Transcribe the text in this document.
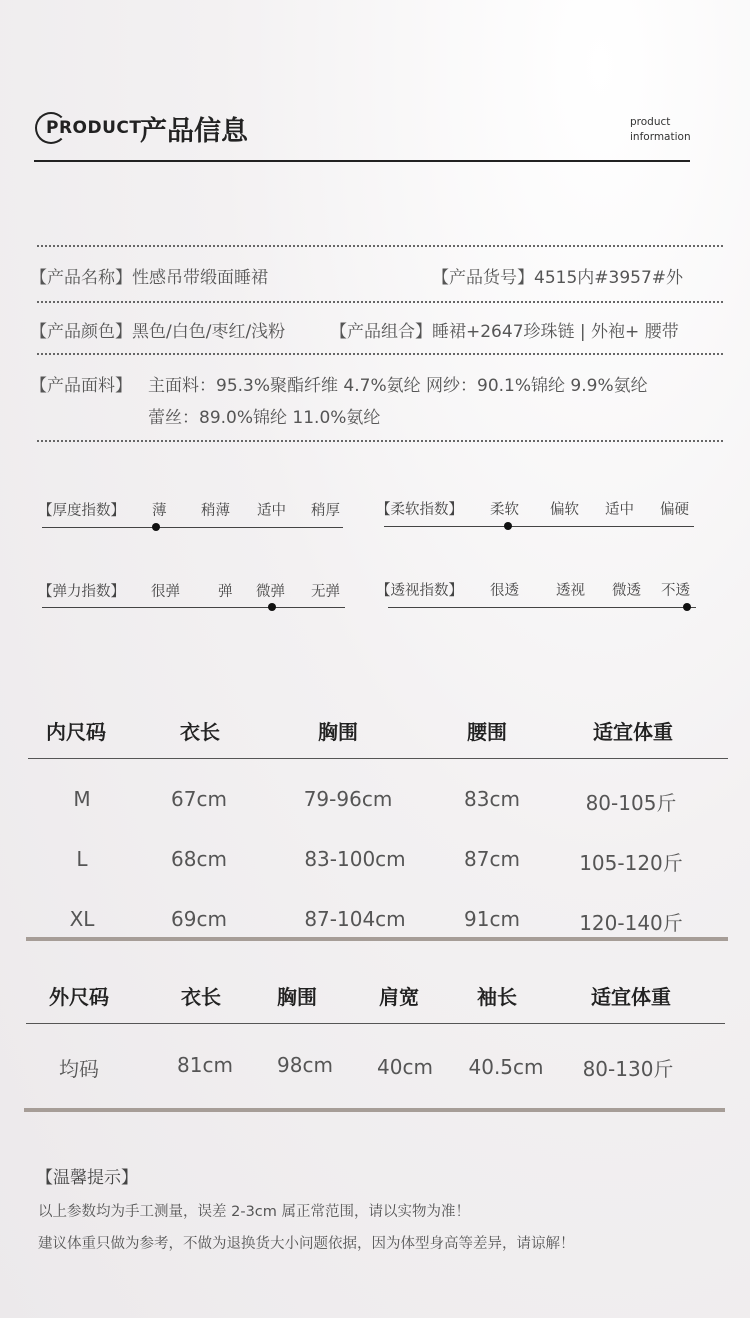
PRODUCT
产品信息	product
information
【产品名称】性感吊带缎面睡裙	【产品货号】4515内#3957#外
【产品颜色】黑色/白色/枣红/浅粉	【产品组合】睡裙+2647珍珠链 | 外袍+ 腰带
【产品面料】 主面料：95.3%聚酯纤维 4.7%氨纶 网纱：90.1%锦纶 9.9%氨纶
蕾丝：89.0%锦纶 11.0%氨纶
【厚度指数】 薄 稍薄 适中 稍厚 【柔软指数】 柔软 偏软 适中 偏硬
【弹力指数】 很弹	弹 微弹 无弹 【透视指数】 很透	透视 微透 不透
内尺码	衣长	胸围	腰围	适宜体重
M	67cm	79-96cm	83cm	80-105斤
L	68cm	83-100cm	87cm	105-120斤
XL	69cm	87-104cm	91cm	120-140斤
外尺码	衣长	胸围	肩宽	袖长	适宜体重
均码	81cm 98cm 40cm 40.5cm 80-130斤
【温馨提示】
以上参数均为手工测量，误差 2-3cm 属正常范围，请以实物为准！
建议体重只做为参考，不做为退换货大小问题依据，因为体型身高等差异，请谅解！
